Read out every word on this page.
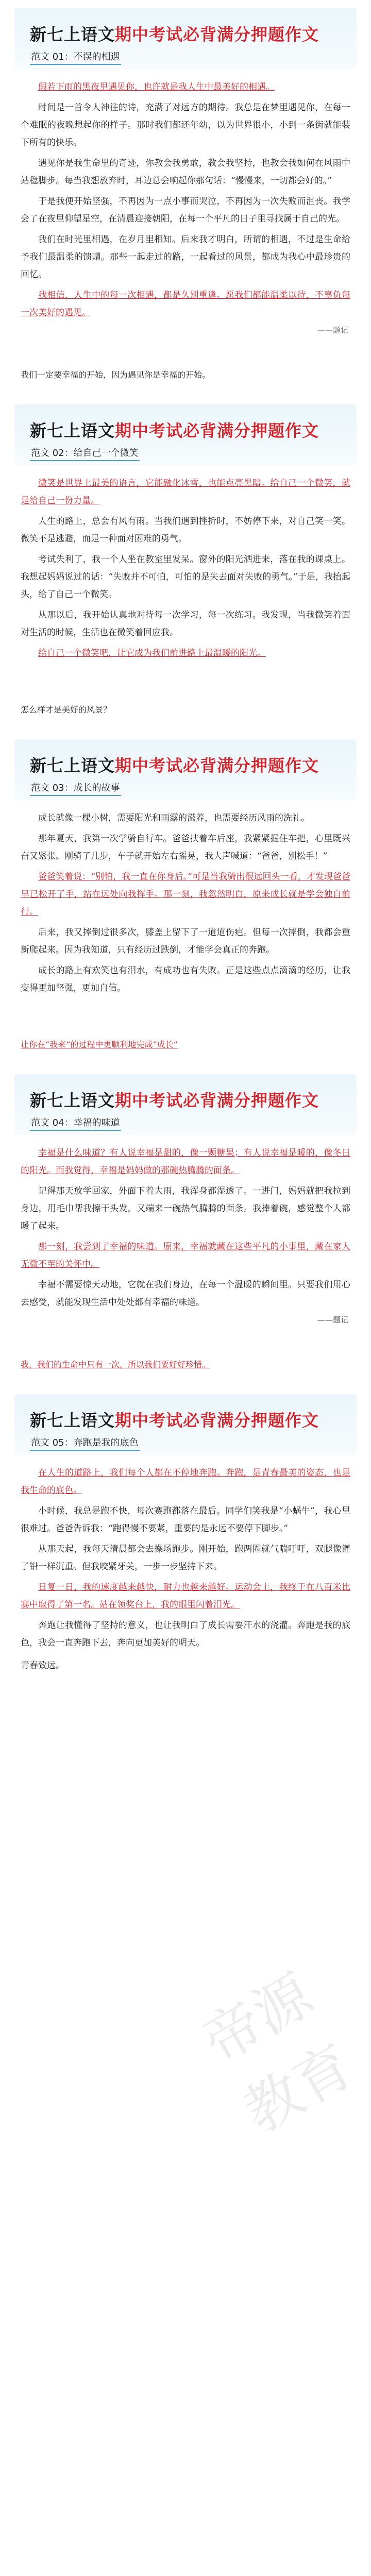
新七上语文期中考试必背满分押题作文
范文 01：不误的相遇

假若下雨的黑夜里遇见你，也许就是我人生中最美好的相遇。

时间是一首令人神往的诗，充满了对远方的期待。我总是在梦里遇见你，在每一个难眠的夜晚想起你的样子。那时我们都还年幼，以为世界很小，小到一条街就能装下所有的快乐。

遇见你是我生命里的奇迹，你教会我勇敢，教会我坚持，也教会我如何在风雨中站稳脚步。每当我想放弃时，耳边总会响起你那句话：“慢慢来，一切都会好的。”

于是我便开始坚强，不再因为一点小事而哭泣，不再因为一次失败而沮丧。我学会了在夜里仰望星空，在清晨迎接朝阳，在每一个平凡的日子里寻找属于自己的光。

我们在时光里相遇，在岁月里相知。后来我才明白，所谓的相遇，不过是生命给予我们最温柔的馈赠。那些一起走过的路，一起看过的风景，都成为我心中最珍贵的回忆。

我相信，人生中的每一次相遇，都是久别重逢。愿我们都能温柔以待，不辜负每一次美好的遇见。

——题记
我们一定要幸福的开始，因为遇见你是幸福的开始。
新七上语文期中考试必背满分押题作文
范文 02：给自己一个微笑

微笑是世界上最美的语言，它能融化冰雪，也能点亮黑暗。给自己一个微笑，就是给自己一份力量。

人生的路上，总会有风有雨。当我们遇到挫折时，不妨停下来，对自己笑一笑。微笑不是逃避，而是一种面对困难的勇气。

考试失利了，我一个人坐在教室里发呆。窗外的阳光洒进来，落在我的课桌上。我想起妈妈说过的话：“失败并不可怕，可怕的是失去面对失败的勇气。”于是，我抬起头，给了自己一个微笑。

从那以后，我开始认真地对待每一次学习，每一次练习。我发现，当我微笑着面对生活的时候，生活也在微笑着回应我。

给自己一个微笑吧，让它成为我们前进路上最温暖的阳光。

怎么样才是美好的风景？
新七上语文期中考试必背满分押题作文
范文 03：成长的故事

成长就像一棵小树，需要阳光和雨露的滋养，也需要经历风雨的洗礼。

那年夏天，我第一次学骑自行车。爸爸扶着车后座，我紧紧握住车把，心里既兴奋又紧张。刚骑了几步，车子就开始左右摇晃，我大声喊道：“爸爸，别松手！”

爸爸笑着说：“别怕，我一直在你身后。”可是当我骑出很远回头一看，才发现爸爸早已松开了手，站在远处向我挥手。那一刻，我忽然明白，原来成长就是学会独自前行。

后来，我又摔倒过很多次，膝盖上留下了一道道伤疤。但每一次摔倒，我都会重新爬起来。因为我知道，只有经历过跌倒，才能学会真正的奔跑。

成长的路上有欢笑也有泪水，有成功也有失败。正是这些点点滴滴的经历，让我变得更加坚强，更加自信。

让你在“我来”的过程中更顺利地完成“成长”
新七上语文期中考试必背满分押题作文
范文 04：幸福的味道

幸福是什么味道？有人说幸福是甜的，像一颗糖果；有人说幸福是暖的，像冬日的阳光。而我觉得，幸福是妈妈做的那碗热腾腾的面条。

记得那天放学回家，外面下着大雨，我浑身都湿透了。一进门，妈妈就把我拉到身边，用毛巾帮我擦干头发，又端来一碗热气腾腾的面条。我捧着碗，感觉整个人都暖了起来。

那一刻，我尝到了幸福的味道。原来，幸福就藏在这些平凡的小事里，藏在家人无微不至的关怀中。

幸福不需要惊天动地，它就在我们身边，在每一个温暖的瞬间里。只要我们用心去感受，就能发现生活中处处都有幸福的味道。

——题记
我，我们的生命中只有一次，所以我们要好好珍惜。
新七上语文期中考试必背满分押题作文
范文 05：奔跑是我的底色

在人生的道路上，我们每个人都在不停地奔跑。奔跑，是青春最美的姿态，也是我生命的底色。

小时候，我总是跑不快，每次赛跑都落在最后。同学们笑我是“小蜗牛”，我心里很难过。爸爸告诉我：“跑得慢不要紧，重要的是永远不要停下脚步。”

从那天起，我每天清晨都会去操场跑步。刚开始，跑两圈就气喘吁吁，双腿像灌了铅一样沉重。但我咬紧牙关，一步一步坚持下来。

日复一日，我的速度越来越快，耐力也越来越好。运动会上，我终于在八百米比赛中取得了第一名。站在领奖台上，我的眼里闪着泪光。

奔跑让我懂得了坚持的意义，也让我明白了成长需要汗水的浇灌。奔跑是我的底色，我会一直奔跑下去，奔向更加美好的明天。

青春致远。
帝源教育
